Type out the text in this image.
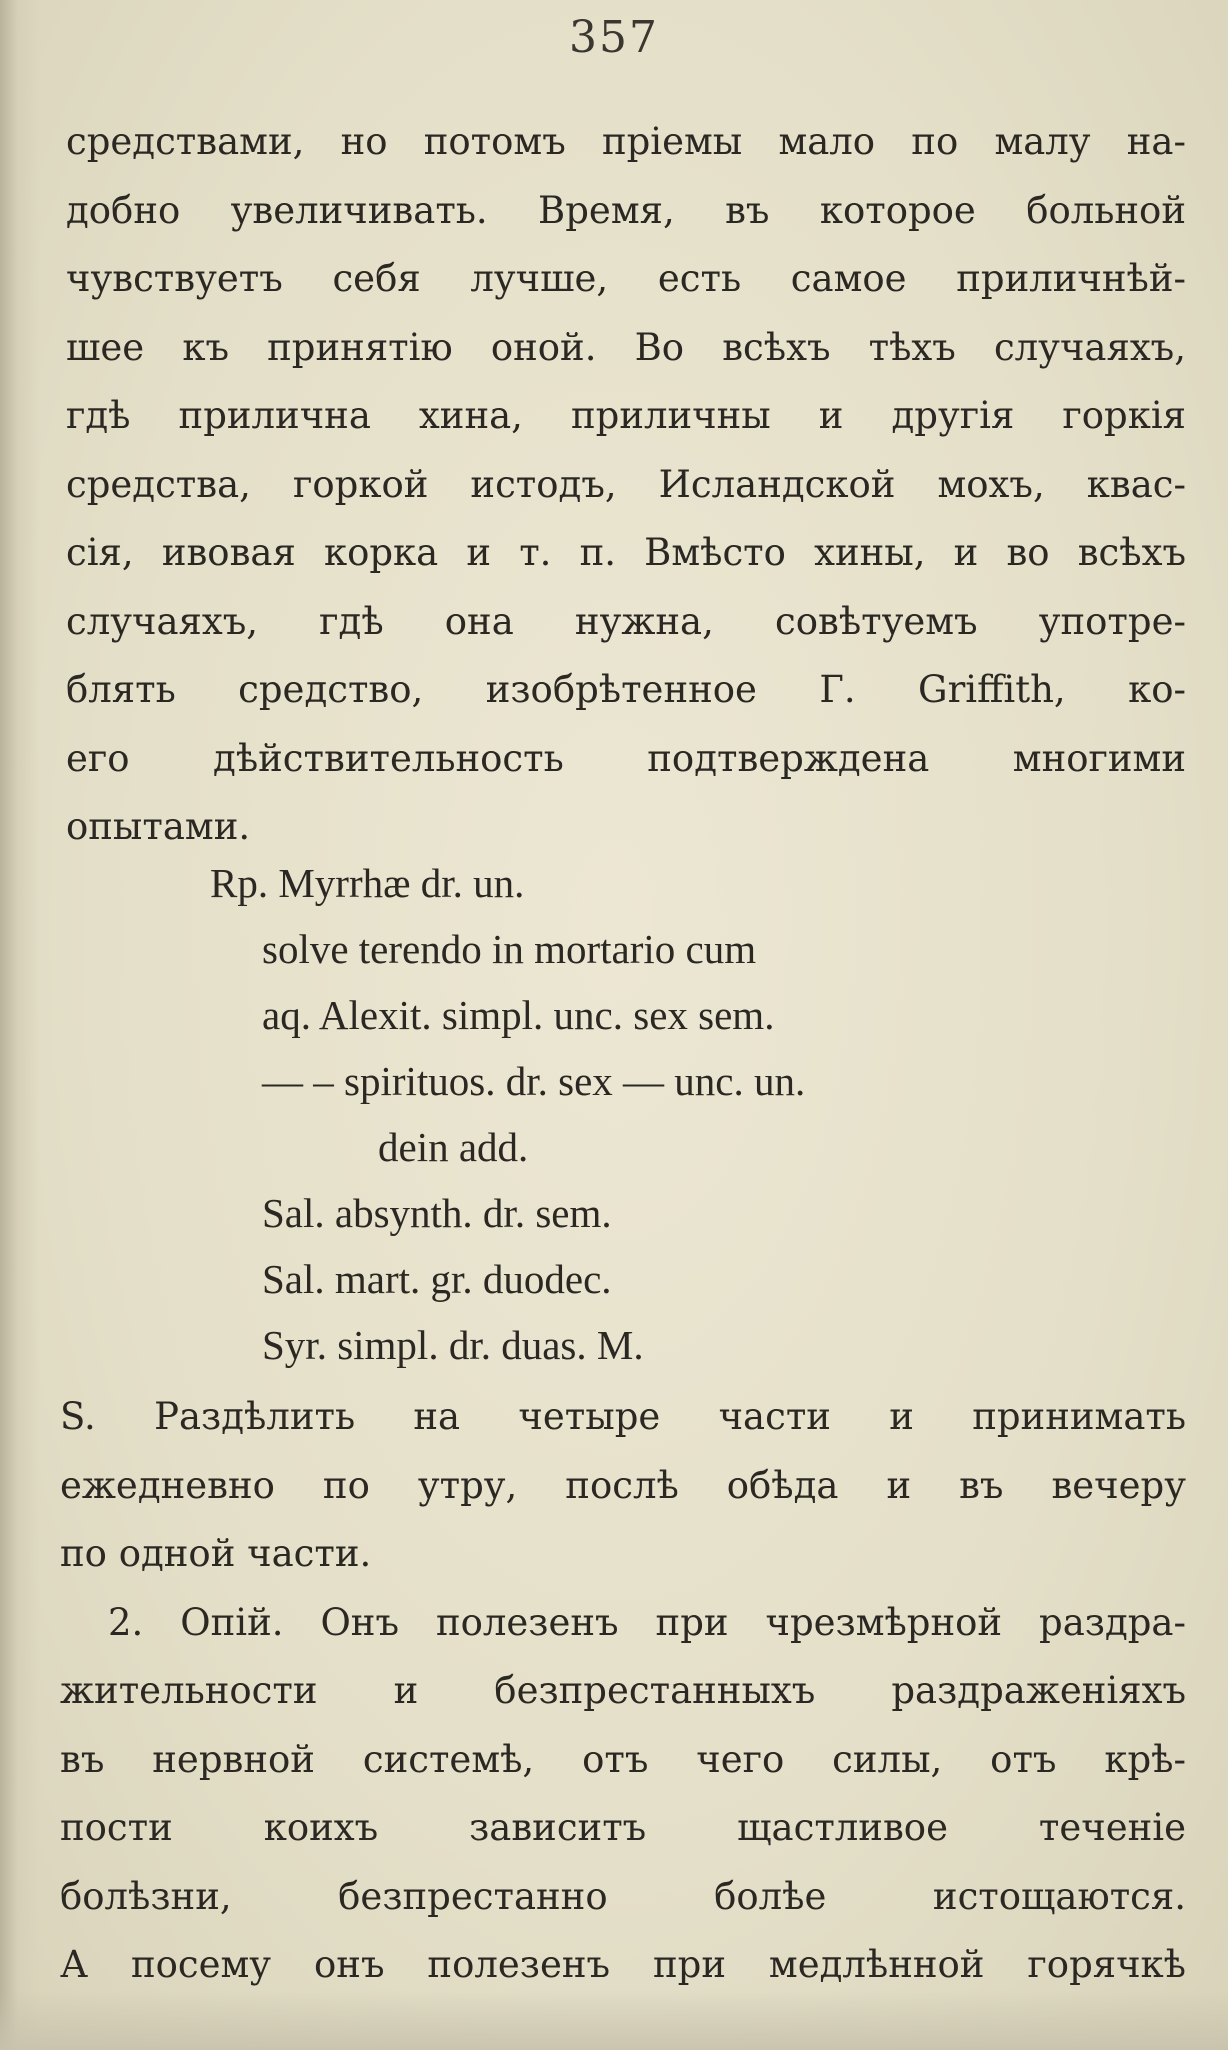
357
средствами, но потомъ пріемы мало по малу на-
добно увеличивать. Время, въ которое больной
чувствуетъ себя лучше, есть самое приличнѣй-
шее къ принятію оной. Во всѣхъ тѣхъ случаяхъ,
гдѣ прилична хина, приличны и другія горкія
средства, горкой истодъ, Исландской мохъ, квас-
сія, ивовая корка и т. п. Вмѣсто хины, и во всѣхъ
случаяхъ, гдѣ она нужна, совѣтуемъ употре-
блять средство, изобрѣтенное Г. Griffith, ко-
его дѣйствительность подтверждена многими
опытами.
Rp. Myrrhæ dr. un.
solve terendo in mortario cum
aq. Alexit. simpl. unc. sex sem.
— – spirituos. dr. sex — unc. un.
dein add.
Sal. absynth. dr. sem.
Sal. mart. gr. duodec.
Syr. simpl. dr. duas. M.
S. Раздѣлить на четыре части и принимать
ежедневно по утру, послѣ обѣда и въ вечеру
по одной части.
2. Опій. Онъ полезенъ при чрезмѣрной раздра-
жительности и безпрестанныхъ раздраженіяхъ
въ нервной системѣ, отъ чего силы, отъ крѣ-
пости коихъ зависитъ щастливое теченіе
болѣзни, безпрестанно болѣе истощаются.
А посему онъ полезенъ при медлѣнной горячкѣ
